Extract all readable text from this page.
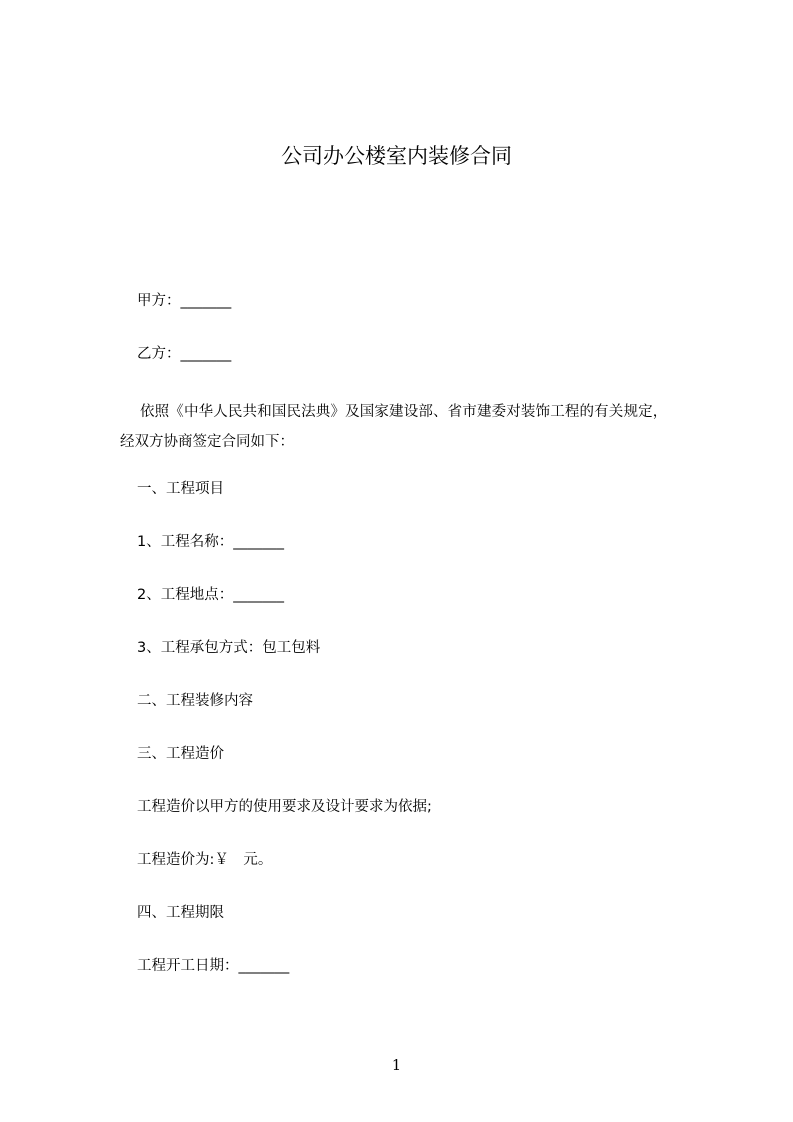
公司办公楼室内装修合同

甲方：_______

乙方：_______

依照《中华人民共和国民法典》及国家建设部、省市建委对装饰工程的有关规定，
经双方协商签定合同如下：

一、工程项目

1、工程名称：_______

2、工程地点：_______

3、工程承包方式：包工包料

二、工程装修内容

三、工程造价

工程造价以甲方的使用要求及设计要求为依据;

工程造价为:￥　元。

四、工程期限

工程开工日期：_______

1
